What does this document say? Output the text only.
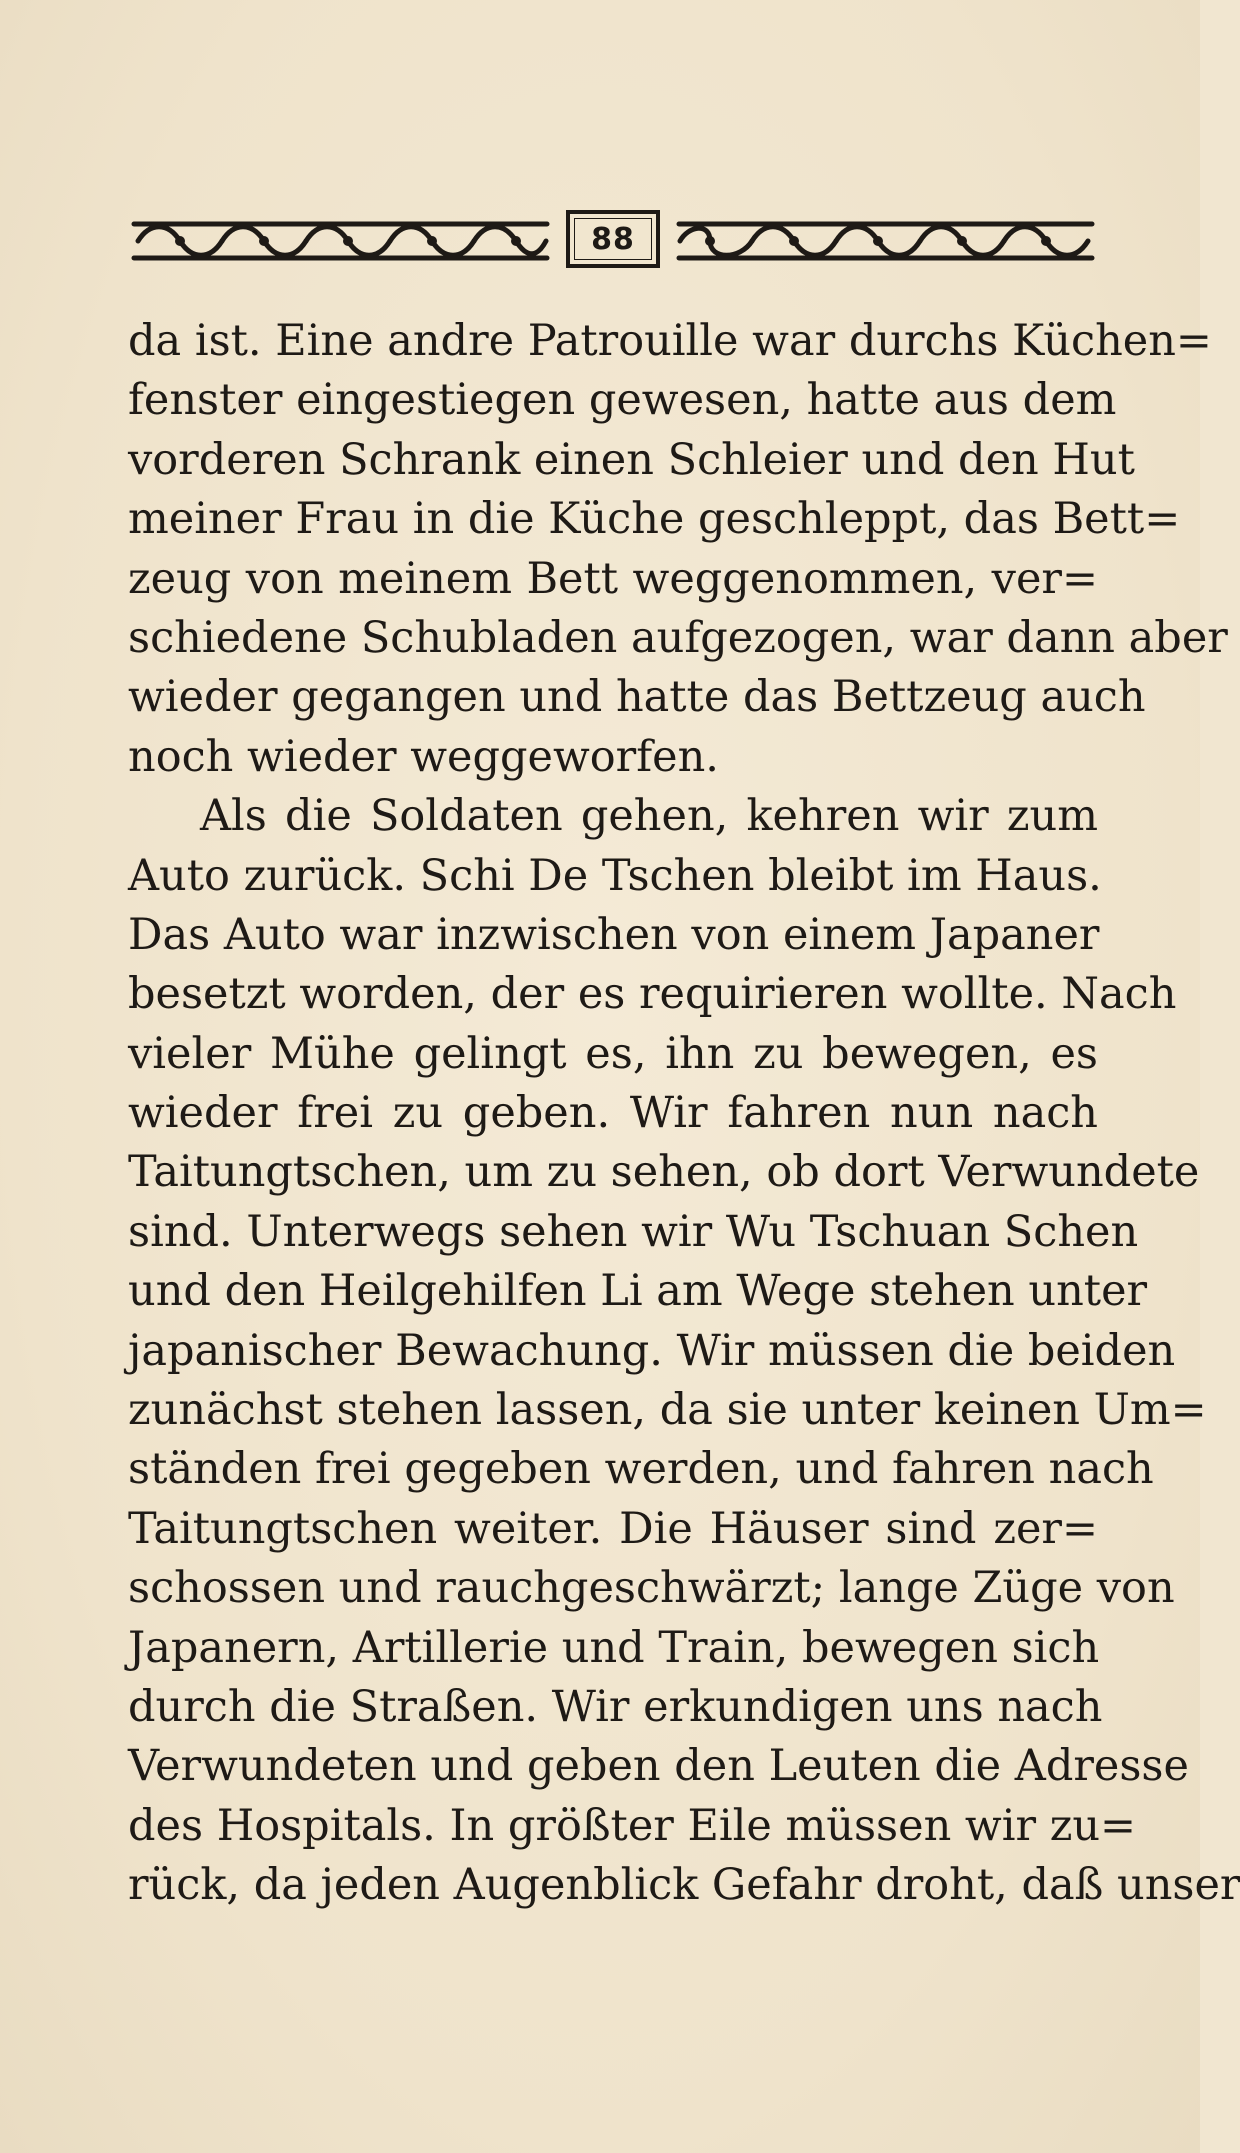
88
da ist. Eine andre Patrouille war durchs Küchen=
fenster eingestiegen gewesen, hatte aus dem
vorderen Schrank einen Schleier und den Hut
meiner Frau in die Küche geschleppt, das Bett=
zeug von meinem Bett weggenommen, ver=
schiedene Schubladen aufgezogen, war dann aber
wieder gegangen und hatte das Bettzeug auch
noch wieder weggeworfen.
Als die Soldaten gehen, kehren wir zum
Auto zurück. Schi De Tschen bleibt im Haus.
Das Auto war inzwischen von einem Japaner
besetzt worden, der es requirieren wollte. Nach
vieler Mühe gelingt es, ihn zu bewegen, es
wieder frei zu geben. Wir fahren nun nach
Taitungtschen, um zu sehen, ob dort Verwundete
sind. Unterwegs sehen wir Wu Tschuan Schen
und den Heilgehilfen Li am Wege stehen unter
japanischer Bewachung. Wir müssen die beiden
zunächst stehen lassen, da sie unter keinen Um=
ständen frei gegeben werden, und fahren nach
Taitungtschen weiter. Die Häuser sind zer=
schossen und rauchgeschwärzt; lange Züge von
Japanern, Artillerie und Train, bewegen sich
durch die Straßen. Wir erkundigen uns nach
Verwundeten und geben den Leuten die Adresse
des Hospitals. In größter Eile müssen wir zu=
rück, da jeden Augenblick Gefahr droht, daß unser
